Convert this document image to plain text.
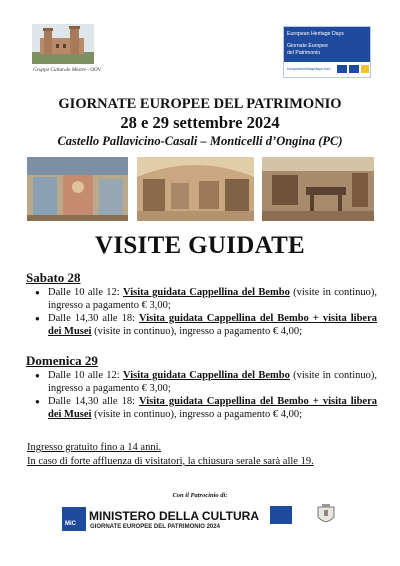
Gruppo Culturale Mestre - OOV
European Heritage Days
Giornate Europee
del Patrimonio
europeanheritagedays.com
GIORNATE EUROPEE DEL PATRIMONIO
28 e 29 settembre 2024
Castello Pallavicino-Casali – Monticelli d’Ongina (PC)
VISITE GUIDATE
Sabato 28
● Dalle 10 alle 12: Visita guidata Cappellina del Bembo (visite in continuo), ingresso a pagamento € 3,00;
● Dalle 14,30 alle 18: Visita guidata Cappellina del Bembo + visita libera dei Musei (visite in continuo), ingresso a pagamento € 4,00;
Domenica 29
● Dalle 10 alle 12: Visita guidata Cappellina del Bembo (visite in continuo), ingresso a pagamento € 3,00;
● Dalle 14,30 alle 18: Visita guidata Cappellina del Bembo + visita libera dei Musei (visite in continuo), ingresso a pagamento € 4,00;
Ingresso gratuito fino a 14 anni.
In caso di forte affluenza di visitatori, la chiusura serale sarà alle 19.
Con il Patrocinio di:
MiC
MINISTERO DELLA CULTURA
GIORNATE EUROPEE DEL PATRIMONIO 2024
